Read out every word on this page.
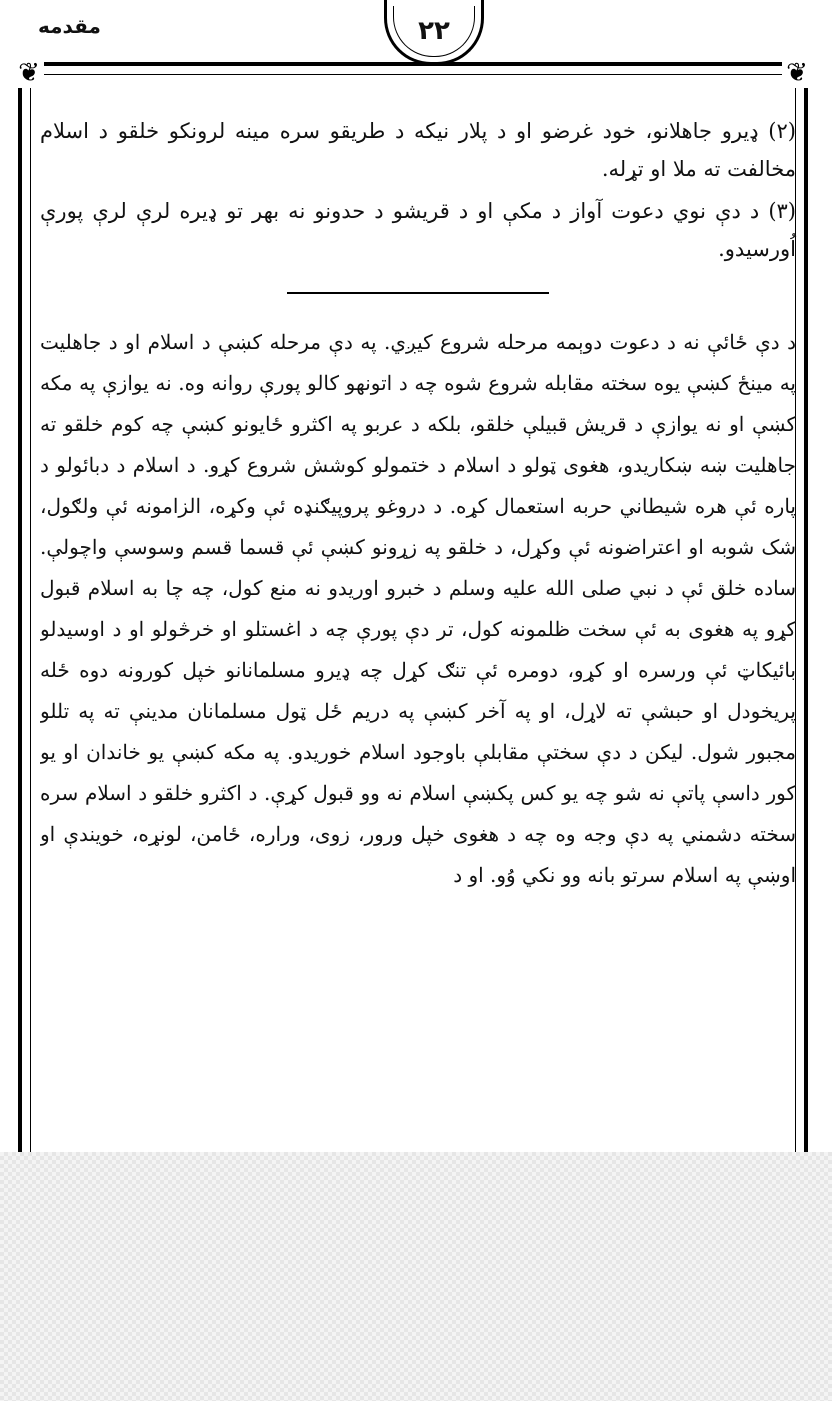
مقدمه	۲۲
❦	❦
(۲) ډیرو جاهلانو، خود غرضو او د پلار نیکه د طریقو سره مینه لرونکو خلقو د اسلام مخالفت ته ملا او تړله.
(۳) د دې نوي دعوت آواز د مکې او د قریشو د حدونو نه بهر تو ډیره لرې لرې پورې اُورسیدو.
د دې ځائې نه د دعوت دوېمه مرحله شروع کیږي. په دې مرحله کښې د اسلام او د جاهلیت په مینځ کښې یوه سخته مقابله شروع شوه چه د اتونهو کالو پورې روانه وه. نه یوازې په مکه کښې او نه یوازې د قریش قبیلې خلقو، بلکه د عربو په اکثرو ځایونو کښې چه کوم خلقو ته جاهلیت ښه ښکاریدو، هغوی ټولو د اسلام د ختمولو کوشش شروع کړو. د اسلام د دبائولو د پاره ئې هره شیطاني حربه استعمال کړه. د دروغو پروپیګنډه ئې وکړه، الزامونه ئې ولګول، شک شوبه او اعتراضونه ئې وکړل، د خلقو په زړونو کښې ئې قسما قسم وسوسې واچولې. ساده خلق ئې د نبي صلی الله علیه وسلم د خبرو اوریدو نه منع کول، چه چا به اسلام قبول کړو په هغوی به ئې سخت ظلمونه کول، تر دې پورې چه د اغستلو او خرڅولو او د اوسیدلو بائیکاټ ئې ورسره او کړو، دومره ئې تنګ کړل چه ډیرو مسلمانانو خپل کورونه دوه ځله پریخودل او حبشې ته لاړل، او په آخر کښې په دریم ځل ټول مسلمانان مدینې ته په تللو مجبور شول. لیکن د دې سختې مقابلې باوجود اسلام خوریدو. په مکه کښې یو خاندان او یو کور داسې پاتې نه شو چه یو کس پکښې اسلام نه وو قبول کړې. د اکثرو خلقو د اسلام سره سخته دشمني په دې وجه وه چه د هغوی خپل ورور، زوی، وراره، ځامن، لونړه، خویندې او اوښې په اسلام سرتو بانه وو نکي وُو. او د
